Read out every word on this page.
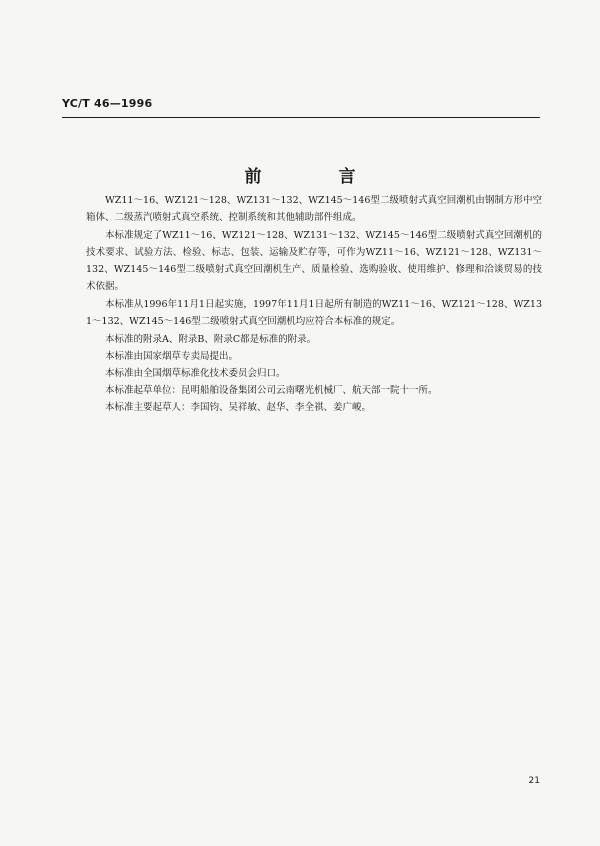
YC/T 46—1996
前　言

WZ11～16、WZ121～128、WZ131～132、WZ145～146型二级喷射式真空回潮机由钢制方形中空箱体、二级蒸汽喷射式真空系统、控制系统和其他辅助部件组成。

本标准规定了WZ11～16、WZ121～128、WZ131～132、WZ145～146型二级喷射式真空回潮机的技术要求、试验方法、检验、标志、包装、运输及贮存等，可作为WZ11～16、WZ121～128、WZ131～132、WZ145～146型二级喷射式真空回潮机生产、质量检验、选购验收、使用维护、修理和洽谈贸易的技术依据。

本标准从1996年11月1日起实施，1997年11月1日起所有制造的WZ11～16、WZ121～128、WZ131～132、WZ145～146型二级喷射式真空回潮机均应符合本标准的规定。

本标准的附录A、附录B、附录C都是标准的附录。

本标准由国家烟草专卖局提出。

本标准由全国烟草标准化技术委员会归口。

本标准起草单位：昆明船舶设备集团公司云南曙光机械厂、航天部一院十一所。

本标准主要起草人：李国钧、吴祥敏、赵华、李全祺、姜广峻。

21
